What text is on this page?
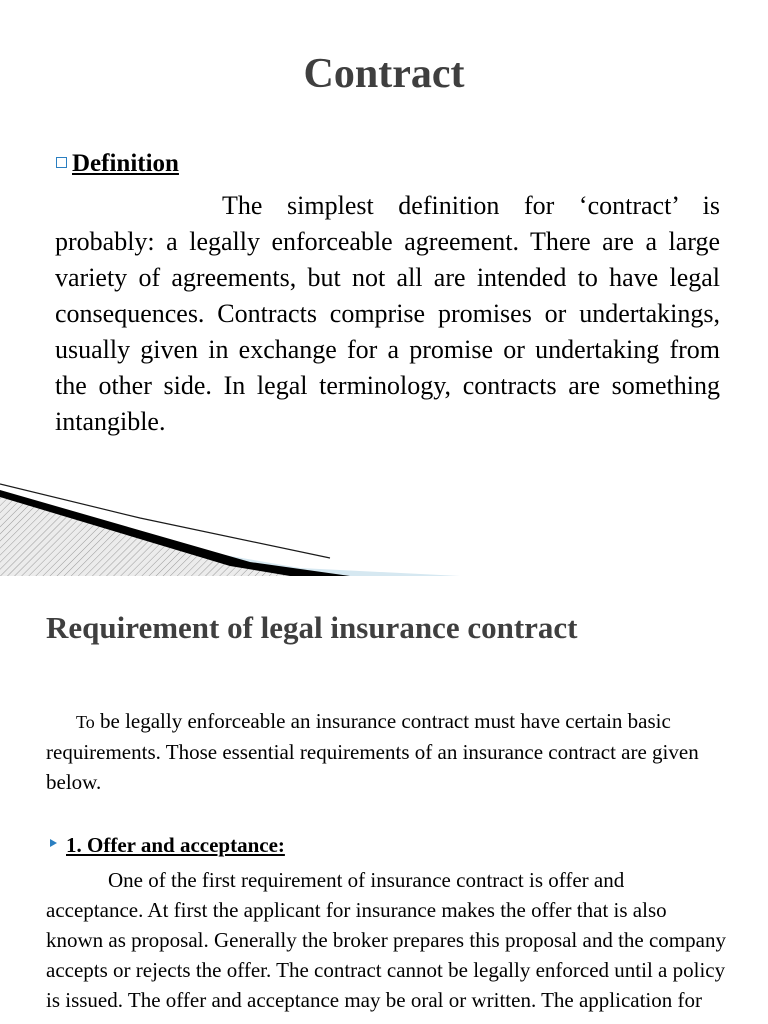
Contract
Definition

The simplest definition for ‘contract’ is probably: a legally enforceable agreement. There are a large variety of agreements, but not all are intended to have legal consequences. Contracts comprise promises or undertakings, usually given in exchange for a promise or undertaking from the other side. In legal terminology, contracts are something intangible.

Requirement of legal insurance contract

To be legally enforceable an insurance contract must have certain basic requirements. Those essential requirements of an insurance contract are given below.

1. Offer and acceptance:

One of the first requirement of insurance contract is offer and acceptance. At first the applicant for insurance makes the offer that is also known as proposal. Generally the broker prepares this proposal and the company accepts or rejects the offer. The contract cannot be legally enforced until a policy is issued. The offer and acceptance may be oral or written. The application for
